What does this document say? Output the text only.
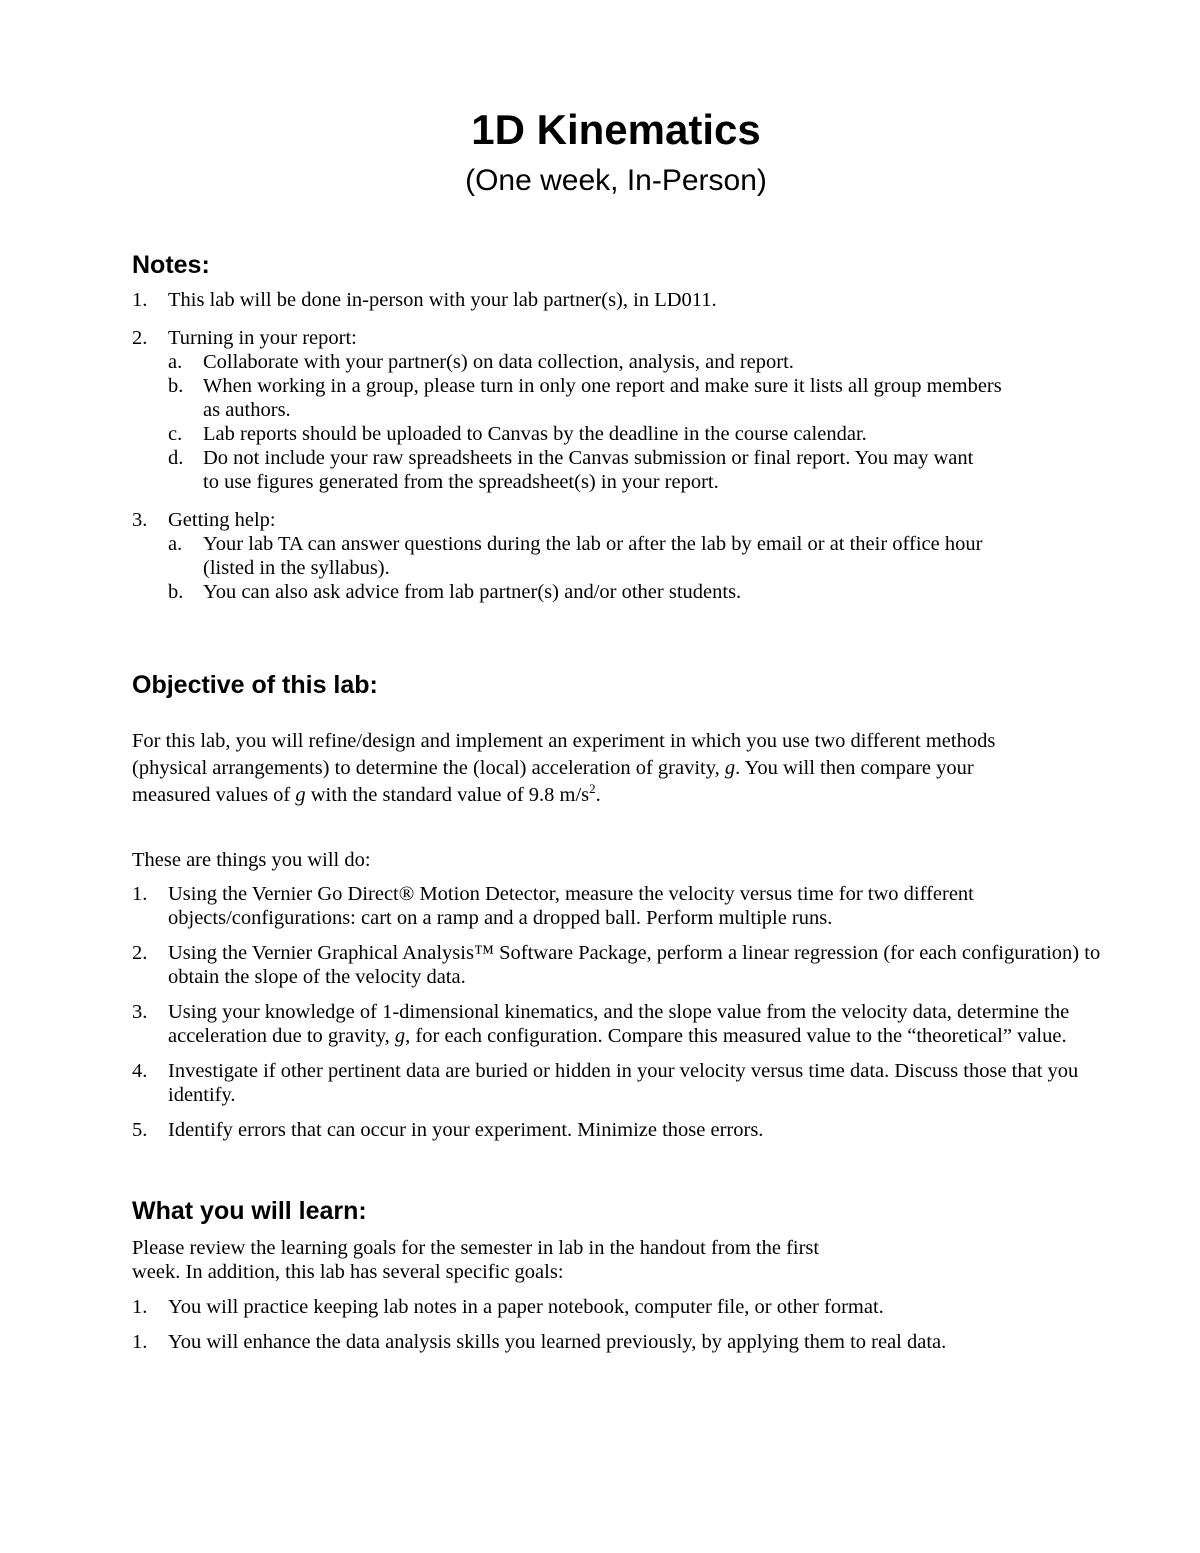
1D Kinematics
(One week, In-Person)
Notes:
1. This lab will be done in-person with your lab partner(s), in LD011.
2. Turning in your report:
a. Collaborate with your partner(s) on data collection, analysis, and report.
b. When working in a group, please turn in only one report and make sure it lists all group members as authors.
c. Lab reports should be uploaded to Canvas by the deadline in the course calendar.
d. Do not include your raw spreadsheets in the Canvas submission or final report. You may want to use figures generated from the spreadsheet(s) in your report.
3. Getting help:
a. Your lab TA can answer questions during the lab or after the lab by email or at their office hour (listed in the syllabus).
b. You can also ask advice from lab partner(s) and/or other students.
Objective of this lab:

For this lab, you will refine/design and implement an experiment in which you use two different methods (physical arrangements) to determine the (local) acceleration of gravity, g. You will then compare your measured values of g with the standard value of 9.8 $m/s^2$.

These are things you will do:

1. Using the Vernier Go Direct® Motion Detector, measure the velocity versus time for two different objects/configurations: cart on a ramp and a dropped ball. Perform multiple runs.
2. Using the Vernier Graphical Analysis™ Software Package, perform a linear regression (for each configuration) to obtain the slope of the velocity data.
3. Using your knowledge of 1-dimensional kinematics, and the slope value from the velocity data, determine the acceleration due to gravity, g, for each configuration. Compare this measured value to the “theoretical” value.
4. Investigate if other pertinent data are buried or hidden in your velocity versus time data. Discuss those that you identify.
5. Identify errors that can occur in your experiment. Minimize those errors.
What you will learn:

Please review the learning goals for the semester in lab in the handout from the first
week. In addition, this lab has several specific goals:

1. You will practice keeping lab notes in a paper notebook, computer file, or other format.
1. You will enhance the data analysis skills you learned previously, by applying them to real data.
